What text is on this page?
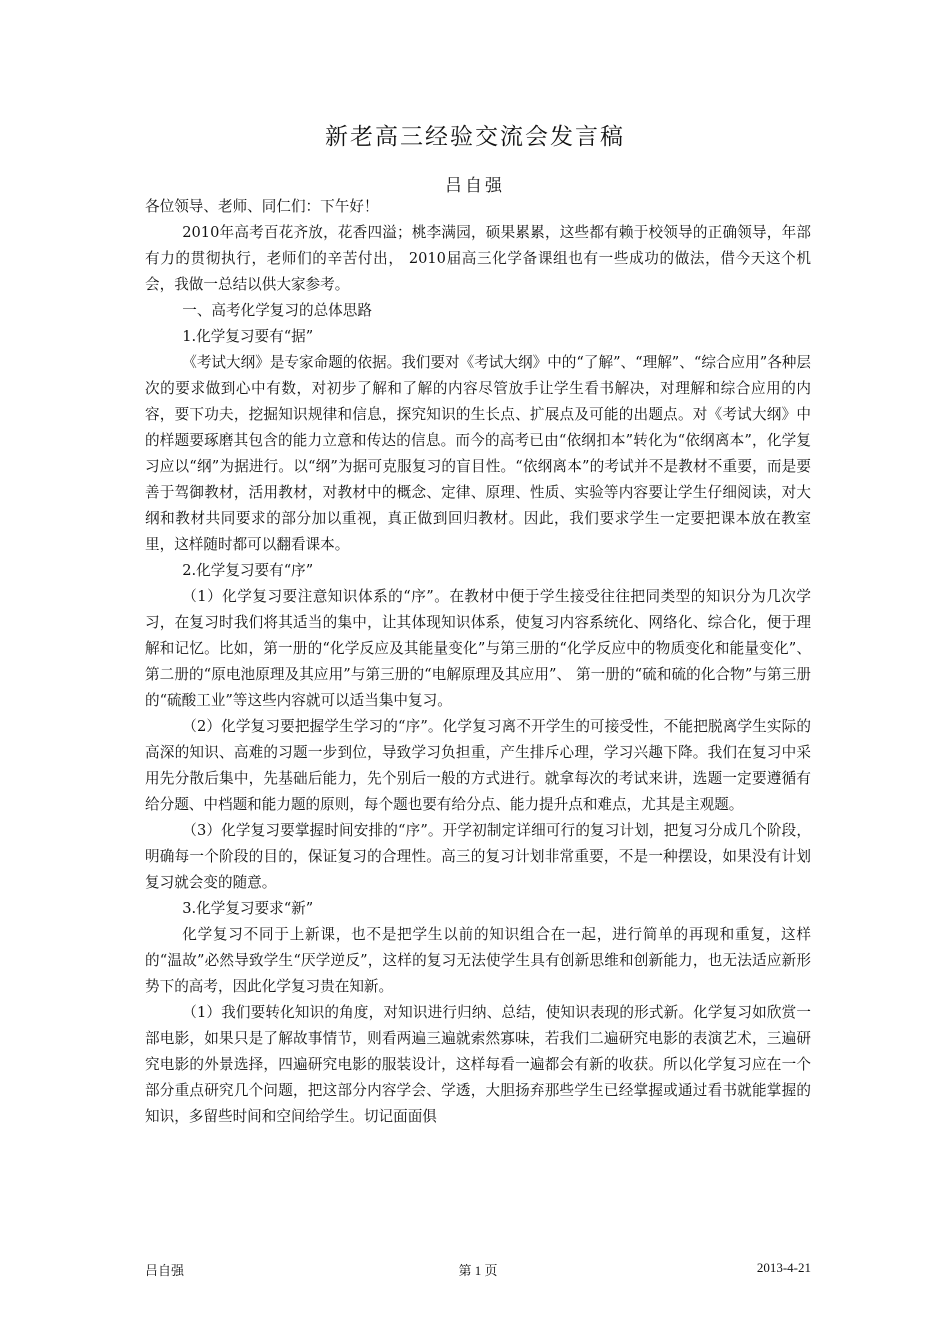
新老高三经验交流会发言稿
吕自强

各位领导、老师、同仁们：下午好！

2010年高考百花齐放，花香四溢；桃李满园，硕果累累，这些都有赖于校领导的正确领导，年部有力的贯彻执行，老师们的辛苦付出， 2010届高三化学备课组也有一些成功的做法，借今天这个机会，我做一总结以供大家参考。

一、高考化学复习的总体思路

1.化学复习要有“据”

《考试大纲》是专家命题的依据。我们要对《考试大纲》中的“了解”、“理解”、“综合应用”各种层次的要求做到心中有数，对初步了解和了解的内容尽管放手让学生看书解决，对理解和综合应用的内容，要下功夫，挖掘知识规律和信息，探究知识的生长点、扩展点及可能的出题点。对《考试大纲》中的样题要琢磨其包含的能力立意和传达的信息。而今的高考已由“依纲扣本”转化为“依纲离本”，化学复习应以“纲”为据进行。以“纲”为据可克服复习的盲目性。“依纲离本”的考试并不是教材不重要，而是要善于驾御教材，活用教材，对教材中的概念、定律、原理、性质、实验等内容要让学生仔细阅读，对大纲和教材共同要求的部分加以重视，真正做到回归教材。因此，我们要求学生一定要把课本放在教室里，这样随时都可以翻看课本。

2.化学复习要有“序”

（1）化学复习要注意知识体系的“序”。在教材中便于学生接受往往把同类型的知识分为几次学习，在复习时我们将其适当的集中，让其体现知识体系，使复习内容系统化、网络化、综合化，便于理解和记忆。比如，第一册的“化学反应及其能量变化”与第三册的“化学反应中的物质变化和能量变化”、第二册的“原电池原理及其应用”与第三册的“电解原理及其应用”、 第一册的“硫和硫的化合物”与第三册的“硫酸工业”等这些内容就可以适当集中复习。

（2）化学复习要把握学生学习的“序”。化学复习离不开学生的可接受性，不能把脱离学生实际的高深的知识、高难的习题一步到位，导致学习负担重，产生排斥心理，学习兴趣下降。我们在复习中采用先分散后集中，先基础后能力，先个别后一般的方式进行。就拿每次的考试来讲，选题一定要遵循有给分题、中档题和能力题的原则，每个题也要有给分点、能力提升点和难点，尤其是主观题。

（3）化学复习要掌握时间安排的“序”。开学初制定详细可行的复习计划，把复习分成几个阶段，明确每一个阶段的目的，保证复习的合理性。高三的复习计划非常重要，不是一种摆设，如果没有计划复习就会变的随意。

3.化学复习要求“新”

化学复习不同于上新课，也不是把学生以前的知识组合在一起，进行简单的再现和重复，这样的“温故”必然导致学生“厌学逆反”，这样的复习无法使学生具有创新思维和创新能力，也无法适应新形势下的高考，因此化学复习贵在知新。

（1）我们要转化知识的角度，对知识进行归纳、总结，使知识表现的形式新。化学复习如欣赏一部电影，如果只是了解故事情节，则看两遍三遍就索然寡味，若我们二遍研究电影的表演艺术，三遍研究电影的外景选择，四遍研究电影的服装设计，这样每看一遍都会有新的收获。所以化学复习应在一个部分重点研究几个问题，把这部分内容学会、学透，大胆扬弃那些学生已经掌握或通过看书就能掌握的知识，多留些时间和空间给学生。切记面面俱

吕自强	第 1 页	2013-4-21
